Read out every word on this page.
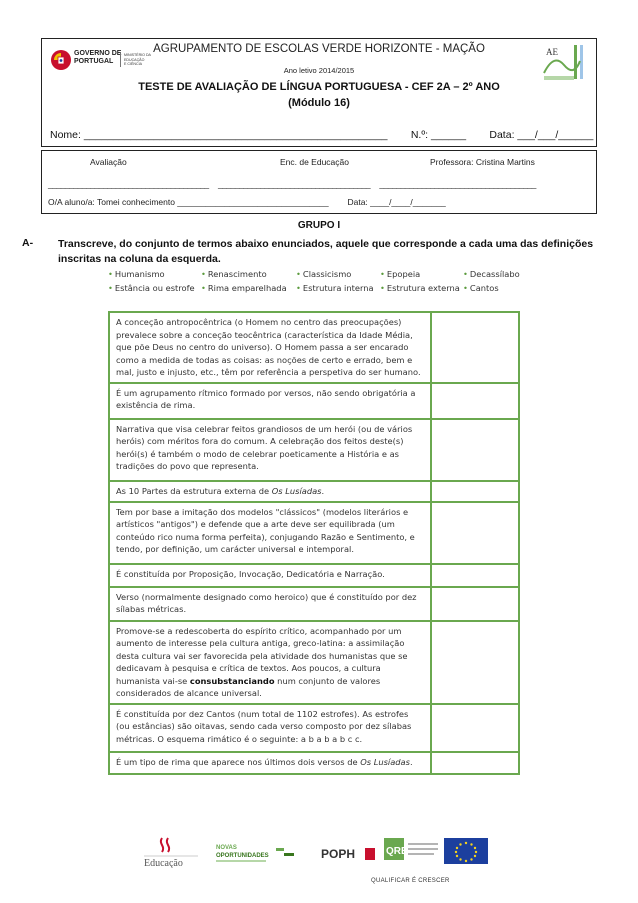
GOVERNO DE
PORTUGAL
MINISTÉRIO DA EDUCAÇÃO
E CIÊNCIA
AE
AGRUPAMENTO DE ESCOLAS VERDE HORIZONTE - MAÇÃO
Ano letivo 2014/2015
TESTE DE AVALIAÇÃO DE LÍNGUA PORTUGUESA - CEF 2A – 2º ANO
(Módulo 16)
Nome: ____________________________________________________        N.º: ______        Data: ___/___/______
Avaliação	Enc. de Educação	Professora: Cristina Martins
______________________________________     ____________________________________     _____________________________________
O/A aluno/a: Tomei conhecimento ________________________________        Data: ____/____/_______
GRUPO I
A- Transcreve, do conjunto de termos abaixo enunciados, aquele que corresponde a cada uma das definições inscritas na coluna da esquerda.
• Humanismo	• Renascimento	• Classicismo	• Epopeia	• Decassílabo
• Estância ou estrofe • Rima emparelhada • Estrutura interna • Estrutura externa • Cantos
A conceção antropocêntrica (o Homem no centro das preocupações) prevalece sobre a conceção teocêntrica (característica da Idade Média, que põe Deus no centro do universo). O Homem passa a ser encarado como a medida de todas as coisas: as noções de certo e errado, bem e mal, justo e injusto, etc., têm por referência a perspetiva do ser humano.	
É um agrupamento rítmico formado por versos, não sendo obrigatória a existência de rima.	
Narrativa que visa celebrar feitos grandiosos de um herói (ou de vários heróis) com méritos fora do comum. A celebração dos feitos deste(s) herói(s) é também o modo de celebrar poeticamente a História e as tradições do povo que representa.	
As 10 Partes da estrutura externa de Os Lusíadas.	
Tem por base a imitação dos modelos "clássicos" (modelos literários e artísticos "antigos") e defende que a arte deve ser equilibrada (um conteúdo rico numa forma perfeita), conjugando Razão e Sentimento, e tendo, por definição, um carácter universal e intemporal.	
É constituída por Proposição, Invocação, Dedicatória e Narração.	
Verso (normalmente designado como heroico) que é constituído por dez sílabas métricas.	
Promove-se a redescoberta do espírito crítico, acompanhado por um aumento de interesse pela cultura antiga, greco-latina: a assimilação desta cultura vai ser favorecida pela atividade dos humanistas que se dedicavam à pesquisa e crítica de textos. Aos poucos, a cultura humanista vai-se consubstanciando num conjunto de valores considerados de alcance universal.	
É constituída por dez Cantos (num total de 1102 estrofes). As estrofes (ou estâncias) são oitavas, sendo cada verso composto por dez sílabas métricas. O esquema rimático é o seguinte: a b a b a b c c.	
É um tipo de rima que aparece nos últimos dois versos de Os Lusíadas.	
Educação
NOVAS
OPORTUNIDADES	POPH	QREN
QUALIFICAR É CRESCER
